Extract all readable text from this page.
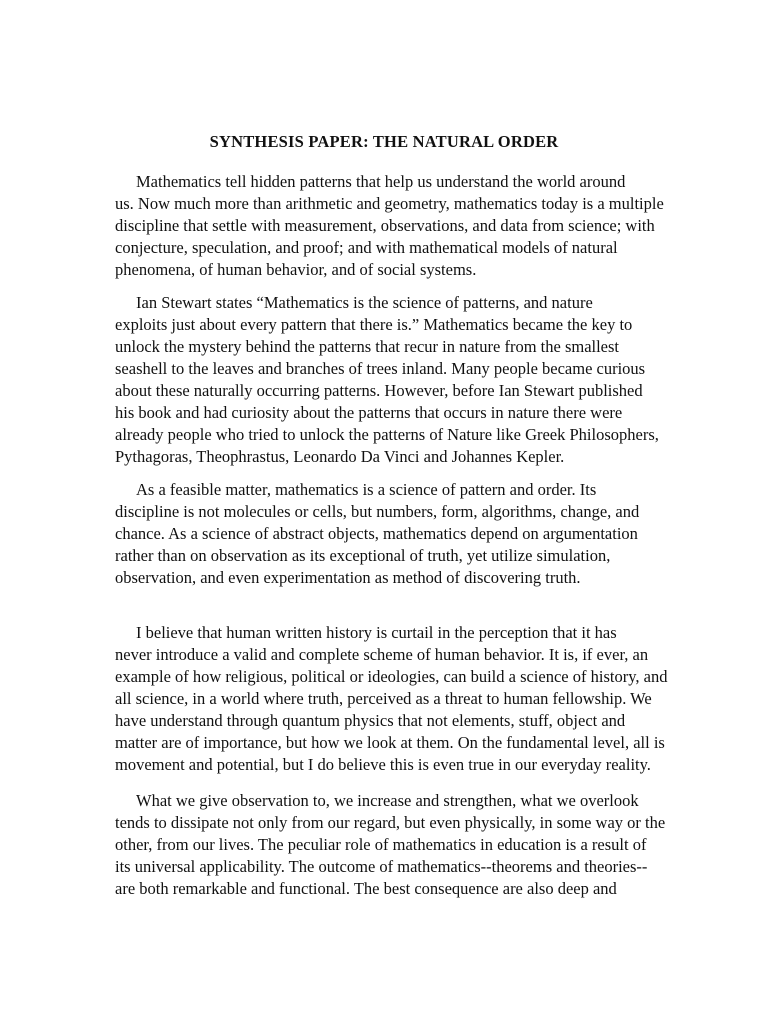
SYNTHESIS PAPER: THE NATURAL ORDER

Mathematics tell hidden patterns that help us understand the world around
us. Now much more than arithmetic and geometry, mathematics today is a multiple
discipline that settle with measurement, observations, and data from science; with
conjecture, speculation, and proof; and with mathematical models of natural
phenomena, of human behavior, and of social systems.

Ian Stewart states “Mathematics is the science of patterns, and nature
exploits just about every pattern that there is.” Mathematics became the key to
unlock the mystery behind the patterns that recur in nature from the smallest
seashell to the leaves and branches of trees inland. Many people became curious
about these naturally occurring patterns. However, before Ian Stewart published
his book and had curiosity about the patterns that occurs in nature there were
already people who tried to unlock the patterns of Nature like Greek Philosophers,
Pythagoras, Theophrastus, Leonardo Da Vinci and Johannes Kepler.

As a feasible matter, mathematics is a science of pattern and order. Its
discipline is not molecules or cells, but numbers, form, algorithms, change, and
chance. As a science of abstract objects, mathematics depend on argumentation
rather than on observation as its exceptional of truth, yet utilize simulation,
observation, and even experimentation as method of discovering truth.

I believe that human written history is curtail in the perception that it has
never introduce a valid and complete scheme of human behavior. It is, if ever, an
example of how religious, political or ideologies, can build a science of history, and
all science, in a world where truth, perceived as a threat to human fellowship. We
have understand through quantum physics that not elements, stuff, object and
matter are of importance, but how we look at them. On the fundamental level, all is
movement and potential, but I do believe this is even true in our everyday reality.

What we give observation to, we increase and strengthen, what we overlook
tends to dissipate not only from our regard, but even physically, in some way or the
other, from our lives. The peculiar role of mathematics in education is a result of
its universal applicability. The outcome of mathematics--theorems and theories--
are both remarkable and functional. The best consequence are also deep and
